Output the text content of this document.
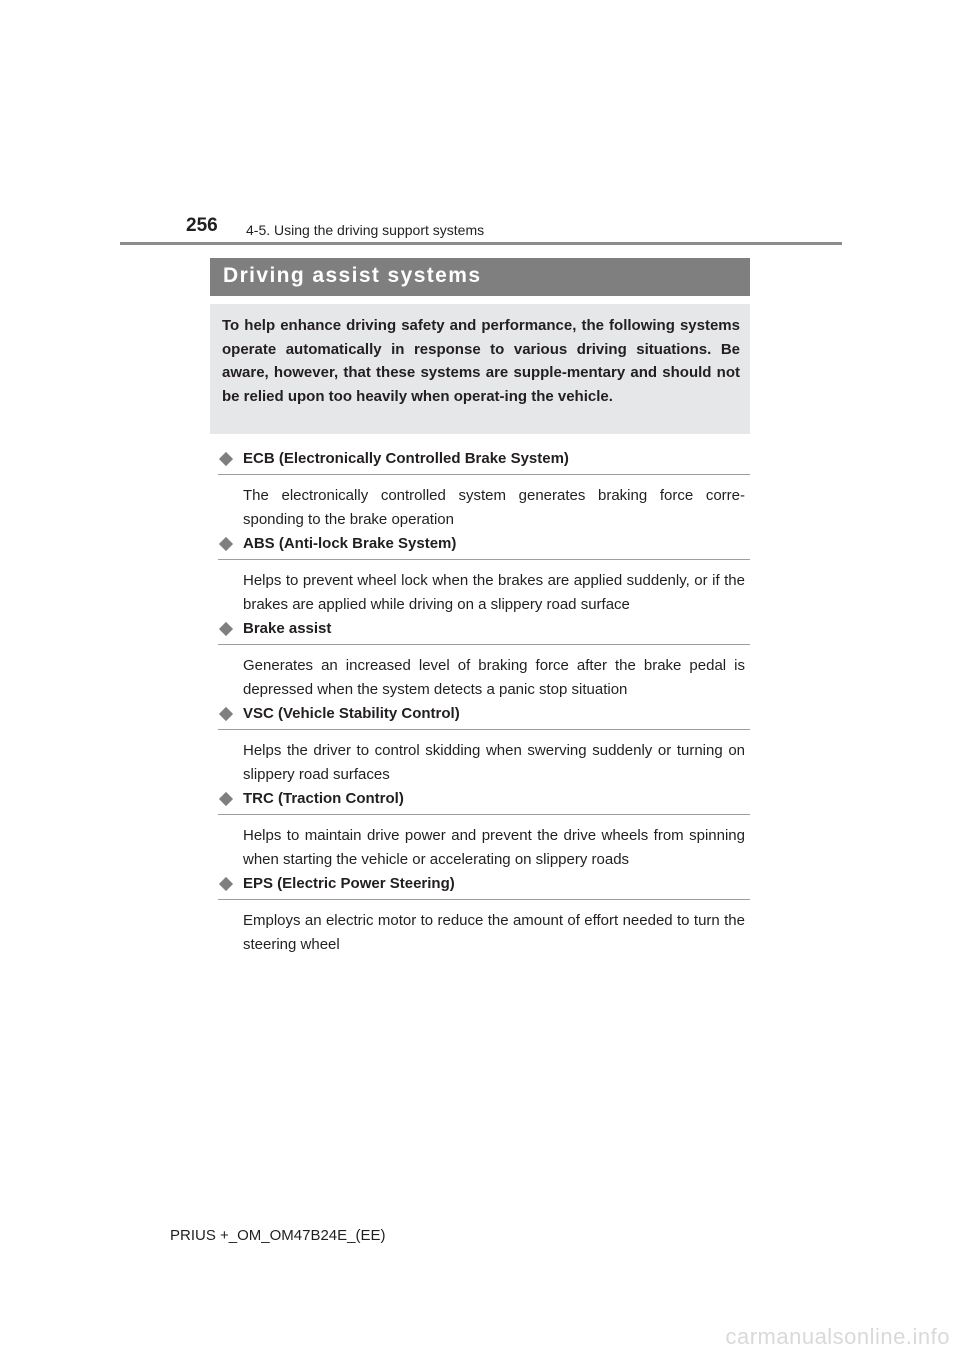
256 4-5. Using the driving support systems
Driving assist systems
To help enhance driving safety and performance, the following systems operate automatically in response to various driving situations. Be aware, however, that these systems are supple-mentary and should not be relied upon too heavily when operat-ing the vehicle.
ECB (Electronically Controlled Brake System)
The electronically controlled system generates braking force corre-sponding to the brake operation
ABS (Anti-lock Brake System)
Helps to prevent wheel lock when the brakes are applied suddenly, or if the brakes are applied while driving on a slippery road surface
Brake assist
Generates an increased level of braking force after the brake pedal is depressed when the system detects a panic stop situation
VSC (Vehicle Stability Control)
Helps the driver to control skidding when swerving suddenly or turning on slippery road surfaces
TRC (Traction Control)
Helps to maintain drive power and prevent the drive wheels from spinning when starting the vehicle or accelerating on slippery roads
EPS (Electric Power Steering)
Employs an electric motor to reduce the amount of effort needed to turn the steering wheel
PRIUS +_OM_OM47B24E_(EE)
carmanualsonline.info
